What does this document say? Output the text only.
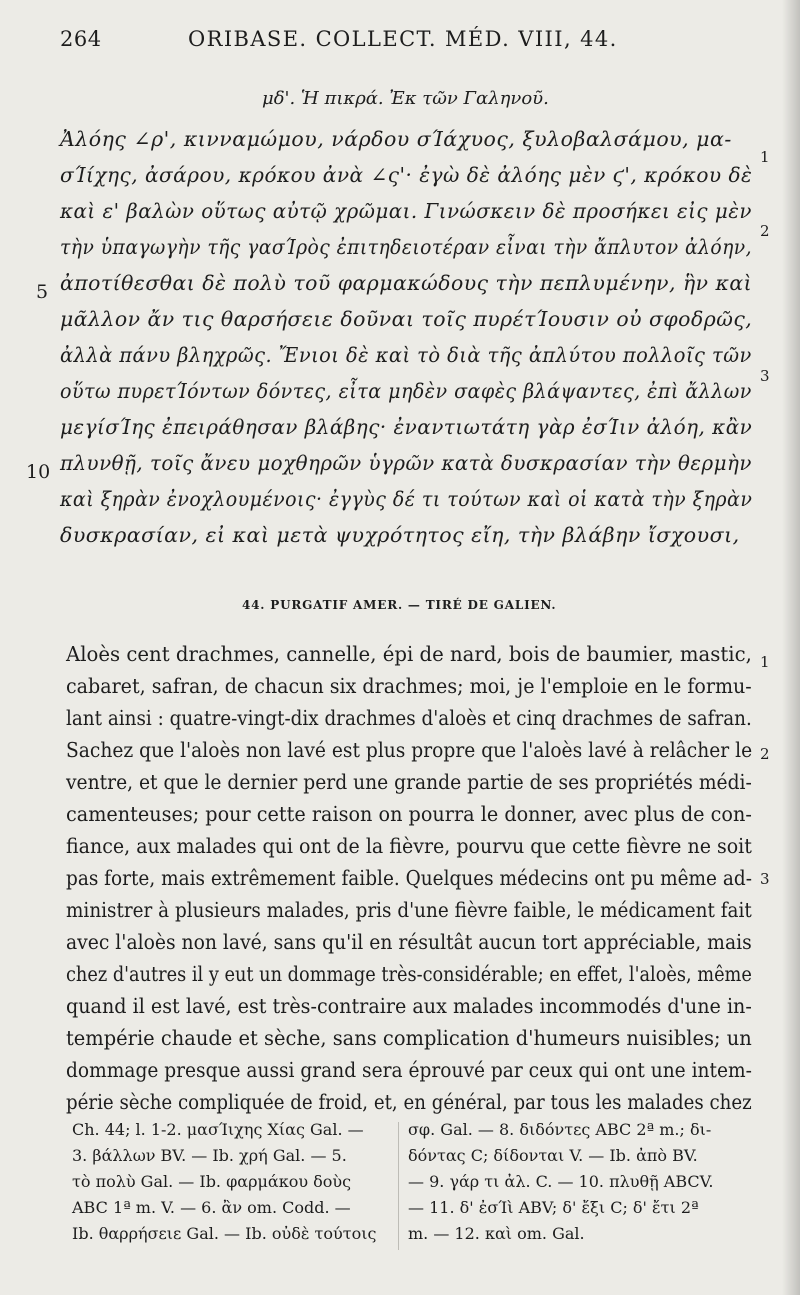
264	ORIBASE. COLLECT. MÉD. VIII, 44.
μδ'. Ἡ πικρά. Ἐκ τῶν Γαληνοῦ.
Ἀλόης ∠ρ', κινναμώμου, νάρδου σΊάχυος, ξυλοβαλσάμου, μα-
σΊίχης, ἀσάρου, κρόκου ἀνὰ ∠ς'· ἐγὼ δὲ ἀλόης μὲν ϛ', κρόκου δὲ
καὶ ε' βαλὼν οὕτως αὐτῷ χρῶμαι. Γινώσκειν δὲ προσήκει εἰς μὲν
τὴν ὑπαγωγὴν τῆς γασΊρὸς ἐπιτηδειοτέραν εἶναι τὴν ἄπλυτον ἀλόην,
ἀποτίθεσθαι δὲ πολὺ τοῦ φαρμακώδους τὴν πεπλυμένην, ἣν καὶ
μᾶλλον ἄν τις θαρσήσειε δοῦναι τοῖς πυρέτΊουσιν οὐ σφοδρῶς,
ἀλλὰ πάνυ βληχρῶς. Ἔνιοι δὲ καὶ τὸ διὰ τῆς ἀπλύτου πολλοῖς τῶν
οὕτω πυρετΊόντων δόντες, εἶτα μηδὲν σαφὲς βλάψαντες, ἐπὶ ἄλλων
μεγίσΊης ἐπειράθησαν βλάβης· ἐναντιωτάτη γὰρ ἐσΊιν ἀλόη, κἂν
πλυνθῇ, τοῖς ἄνευ μοχθηρῶν ὑγρῶν κατὰ δυσκρασίαν τὴν θερμὴν
καὶ ξηρὰν ἐνοχλουμένοις· ἐγγὺς δέ τι τούτων καὶ οἱ κατὰ τὴν ξηρὰν
δυσκρασίαν, εἰ καὶ μετὰ ψυχρότητος εἴη, τὴν βλάβην ἴσχουσι,
5
10
1
2
3
44. PURGATIF AMER. — TIRÉ DE GALIEN.
Aloès cent drachmes, cannelle, épi de nard, bois de baumier, mastic,
cabaret, safran, de chacun six drachmes; moi, je l'emploie en le formu-
lant ainsi : quatre-vingt-dix drachmes d'aloès et cinq drachmes de safran.
Sachez que l'aloès non lavé est plus propre que l'aloès lavé à relâcher le
ventre, et que le dernier perd une grande partie de ses propriétés médi-
camenteuses; pour cette raison on pourra le donner, avec plus de con-
fiance, aux malades qui ont de la fièvre, pourvu que cette fièvre ne soit
pas forte, mais extrêmement faible. Quelques médecins ont pu même ad-
ministrer à plusieurs malades, pris d'une fièvre faible, le médicament fait
avec l'aloès non lavé, sans qu'il en résultât aucun tort appréciable, mais
chez d'autres il y eut un dommage très-considérable; en effet, l'aloès, même
quand il est lavé, est très-contraire aux malades incommodés d'une in-
tempérie chaude et sèche, sans complication d'humeurs nuisibles; un
dommage presque aussi grand sera éprouvé par ceux qui ont une intem-
périe sèche compliquée de froid, et, en général, par tous les malades chez
1
2
3
Ch. 44; l. 1-2. μασΊιχης Χίας Gal. —
3. βάλλων BV. — Ib. χρή Gal. — 5.
τὸ πολὺ Gal. — Ib. φαρμάκου δοὺς
ABC 1ª m. V. — 6. ἂν om. Codd. —
Ib. θαρρήσειε Gal. — Ib. οὐδὲ τούτοις
σφ. Gal. — 8. διδόντες ABC 2ª m.; δι-
δόντας C; δίδονται V. — Ib. ἀπὸ BV.
— 9. γάρ τι ἀλ. C. — 10. πλυθῇ ABCV.
— 11. δ' ἐσΊὶ ABV; δ' ἔξι C; δ' ἔτι 2ª
m. — 12. καὶ om. Gal.
